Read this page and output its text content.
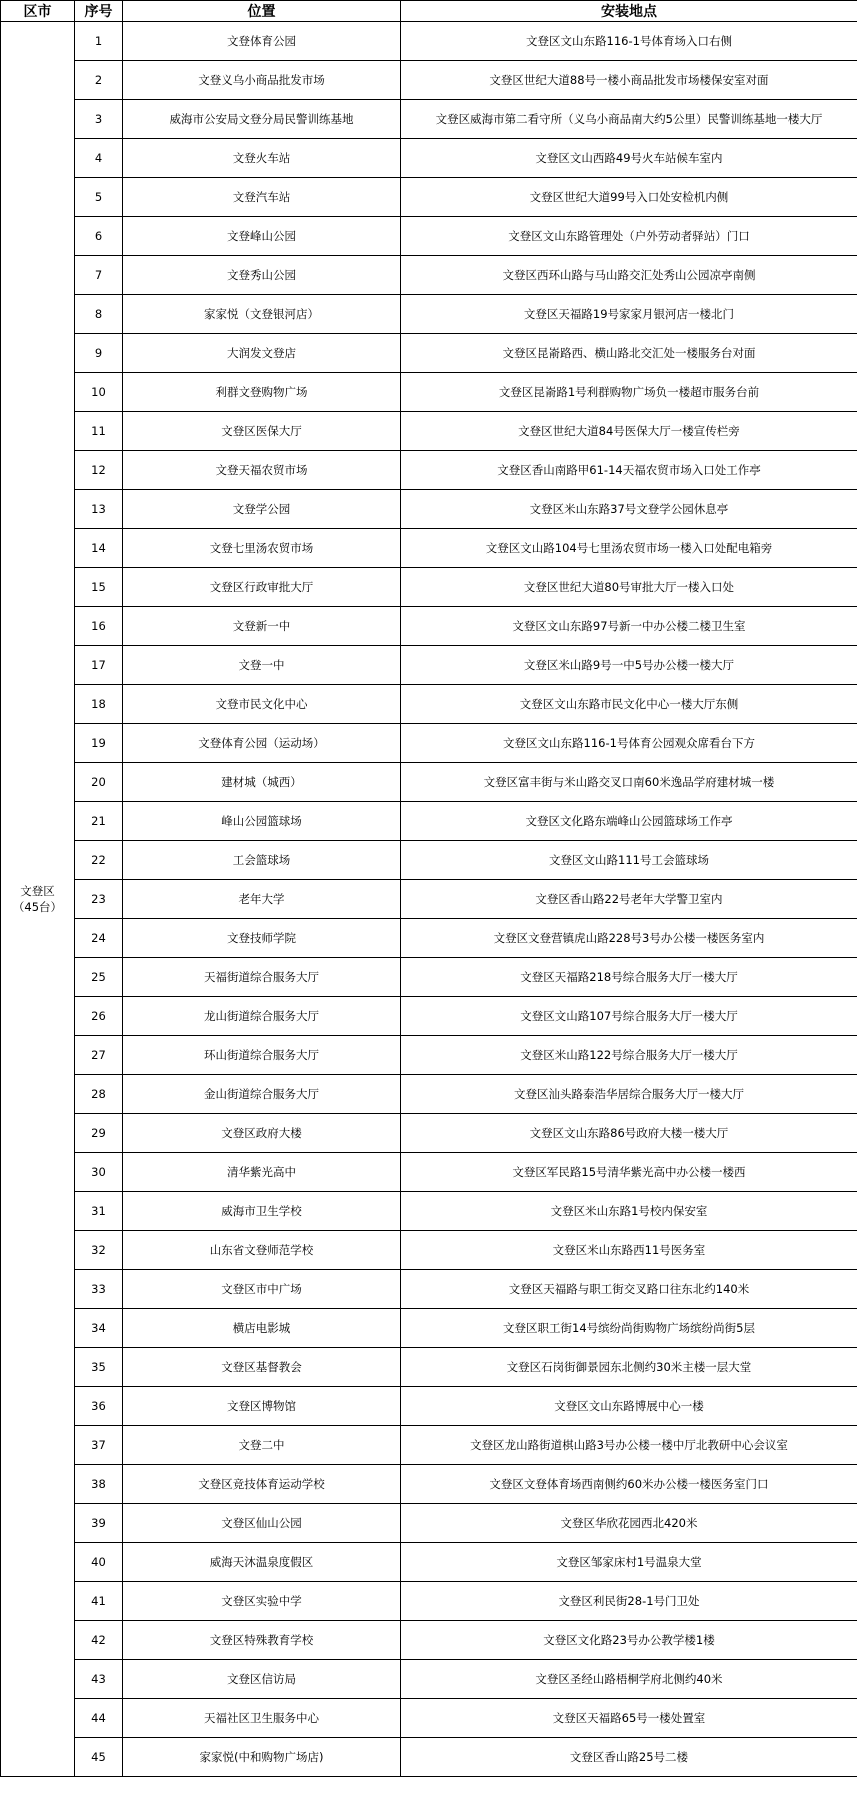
区市	序号	位置	安装地点

文登区
（45台）	1	文登体育公园	文登区文山东路116-1号体育场入口右侧
	2	文登义乌小商品批发市场	文登区世纪大道88号一楼小商品批发市场楼保安室对面
	3	威海市公安局文登分局民警训练基地	文登区威海市第二看守所（义乌小商品南大约5公里）民警训练基地一楼大厅
	4	文登火车站	文登区文山西路49号火车站候车室内
	5	文登汽车站	文登区世纪大道99号入口处安检机内侧
	6	文登峰山公园	文登区文山东路管理处（户外劳动者驿站）门口
	7	文登秀山公园	文登区西环山路与马山路交汇处秀山公园凉亭南侧
	8	家家悦（文登银河店）	文登区天福路19号家家月银河店一楼北门
	9	大润发文登店	文登区昆嵛路西、横山路北交汇处一楼服务台对面
	10	利群文登购物广场	文登区昆嵛路1号利群购物广场负一楼超市服务台前
	11	文登区医保大厅	文登区世纪大道84号医保大厅一楼宣传栏旁
	12	文登天福农贸市场	文登区香山南路甲61-14天福农贸市场入口处工作亭
	13	文登学公园	文登区米山东路37号文登学公园休息亭
	14	文登七里汤农贸市场	文登区文山路104号七里汤农贸市场一楼入口处配电箱旁
	15	文登区行政审批大厅	文登区世纪大道80号审批大厅一楼入口处
	16	文登新一中	文登区文山东路97号新一中办公楼二楼卫生室
	17	文登一中	文登区米山路9号一中5号办公楼一楼大厅
	18	文登市民文化中心	文登区文山东路市民文化中心一楼大厅东侧
	19	文登体育公园（运动场）	文登区文山东路116-1号体育公园观众席看台下方
	20	建材城（城西）	文登区富丰街与米山路交叉口南60米逸品学府建材城一楼
	21	峰山公园篮球场	文登区文化路东端峰山公园篮球场工作亭
	22	工会篮球场	文登区文山路111号工会篮球场
	23	老年大学	文登区香山路22号老年大学警卫室内
	24	文登技师学院	文登区文登营镇虎山路228号3号办公楼一楼医务室内
	25	天福街道综合服务大厅	文登区天福路218号综合服务大厅一楼大厅
	26	龙山街道综合服务大厅	文登区文山路107号综合服务大厅一楼大厅
	27	环山街道综合服务大厅	文登区米山路122号综合服务大厅一楼大厅
	28	金山街道综合服务大厅	文登区汕头路泰浩华居综合服务大厅一楼大厅
	29	文登区政府大楼	文登区文山东路86号政府大楼一楼大厅
	30	清华紫光高中	文登区军民路15号清华紫光高中办公楼一楼西
	31	威海市卫生学校	文登区米山东路1号校内保安室
	32	山东省文登师范学校	文登区米山东路西11号医务室
	33	文登区市中广场	文登区天福路与职工街交叉路口往东北约140米
	34	横店电影城	文登区职工街14号缤纷尚街购物广场缤纷尚街5层
	35	文登区基督教会	文登区石岗街御景园东北侧约30米主楼一层大堂
	36	文登区博物馆	文登区文山东路博展中心一楼
	37	文登二中	文登区龙山路街道棋山路3号办公楼一楼中厅北教研中心会议室
	38	文登区竞技体育运动学校	文登区文登体育场西南侧约60米办公楼一楼医务室门口
	39	文登区仙山公园	文登区华欣花园西北420米
	40	威海天沐温泉度假区	文登区邹家床村1号温泉大堂
	41	文登区实验中学	文登区利民街28-1号门卫处
	42	文登区特殊教育学校	文登区文化路23号办公教学楼1楼
	43	文登区信访局	文登区圣经山路梧桐学府北侧约40米
	44	天福社区卫生服务中心	文登区天福路65号一楼处置室
	45	家家悦(中和购物广场店)	文登区香山路25号二楼
